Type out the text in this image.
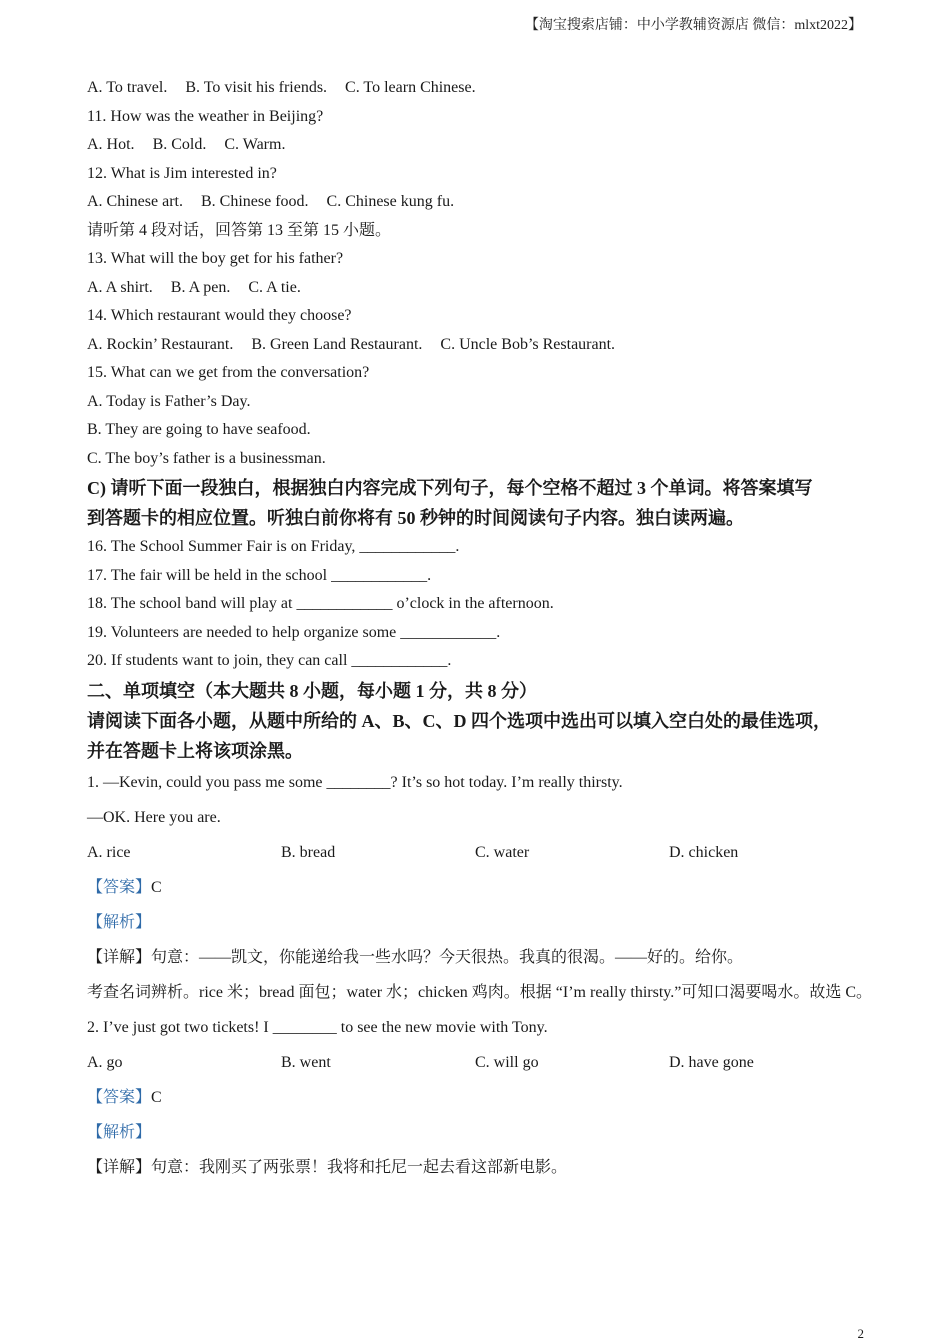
【淘宝搜索店铺：中小学教辅资源店 微信：mlxt2022】
A. To travel. B. To visit his friends. C. To learn Chinese.
11. How was the weather in Beijing?
A. Hot. B. Cold. C. Warm.
12. What is Jim interested in?
A. Chinese art. B. Chinese food. C. Chinese kung fu.
请听第 4 段对话，回答第 13 至第 15 小题。
13. What will the boy get for his father?
A. A shirt. B. A pen. C. A tie.
14. Which restaurant would they choose?
A. Rockin’ Restaurant. B. Green Land Restaurant. C. Uncle Bob’s Restaurant.
15. What can we get from the conversation?
A. Today is Father’s Day.
B. They are going to have seafood.
C. The boy’s father is a businessman.
C) 请听下面一段独白，根据独白内容完成下列句子，每个空格不超过 3 个单词。将答案填写
到答题卡的相应位置。听独白前你将有 50 秒钟的时间阅读句子内容。独白读两遍。
16. The School Summer Fair is on Friday, ____________.
17. The fair will be held in the school ____________.
18. The school band will play at ____________ o’clock in the afternoon.
19. Volunteers are needed to help organize some ____________.
20. If students want to join, they can call ____________.
二、单项填空（本大题共 8 小题，每小题 1 分，共 8 分）
请阅读下面各小题，从题中所给的 A、B、C、D 四个选项中选出可以填入空白处的最佳选项，
并在答题卡上将该项涂黑。
1. —Kevin, could you pass me some ________? It’s so hot today. I’m really thirsty.
—OK. Here you are.
A. rice	B. bread	C. water	D. chicken
【答案】C
【解析】
【详解】句意：——凯文，你能递给我一些水吗？今天很热。我真的很渴。——好的。给你。
考查名词辨析。rice 米；bread 面包；water 水；chicken 鸡肉。根据 “I’m really thirsty.”可知口渴要喝水。故选 C。
2. I’ve just got two tickets! I ________ to see the new movie with Tony.
A. go	B. went	C. will go	D. have gone
【答案】C
【解析】
【详解】句意：我刚买了两张票！我将和托尼一起去看这部新电影。
2
